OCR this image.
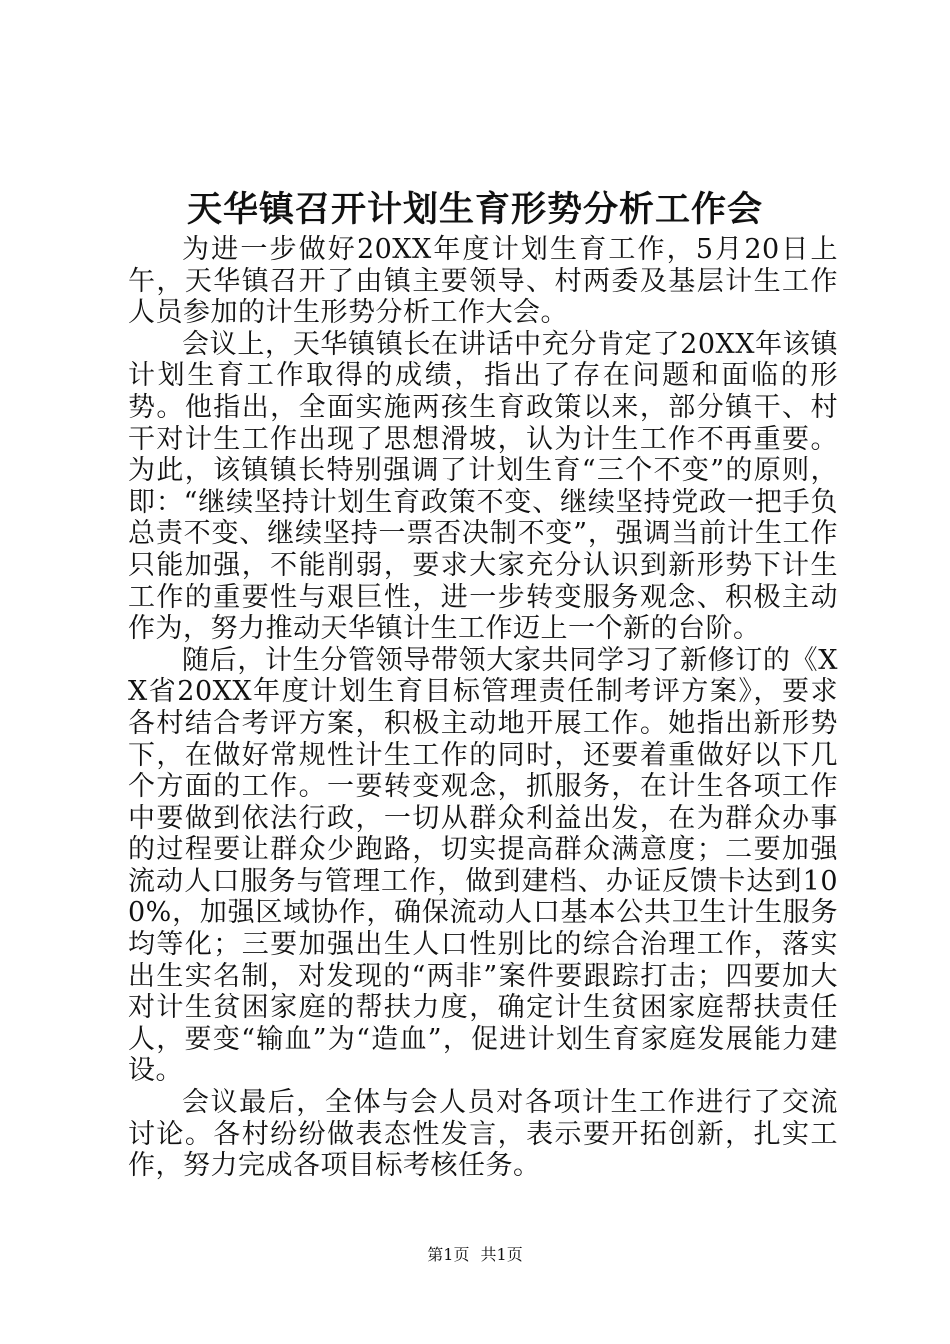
天华镇召开计划生育形势分析工作会

为进一步做好20XX年度计划生育工作，5月20日上午，天华镇召开了由镇主要领导、村两委及基层计生工作人员参加的计生形势分析工作大会。

会议上，天华镇镇长在讲话中充分肯定了20XX年该镇计划生育工作取得的成绩，指出了存在问题和面临的形势。他指出，全面实施两孩生育政策以来，部分镇干、村干对计生工作出现了思想滑坡，认为计生工作不再重要。为此，该镇镇长特别强调了计划生育“三个不变”的原则，即：“继续坚持计划生育政策不变、继续坚持党政一把手负总责不变、继续坚持一票否决制不变”，强调当前计生工作只能加强，不能削弱，要求大家充分认识到新形势下计生工作的重要性与艰巨性，进一步转变服务观念、积极主动作为，努力推动天华镇计生工作迈上一个新的台阶。

随后，计生分管领导带领大家共同学习了新修订的《XX省20XX年度计划生育目标管理责任制考评方案》，要求各村结合考评方案，积极主动地开展工作。她指出新形势下，在做好常规性计生工作的同时，还要着重做好以下几个方面的工作。一要转变观念，抓服务，在计生各项工作中要做到依法行政，一切从群众利益出发，在为群众办事的过程要让群众少跑路，切实提高群众满意度；二要加强流动人口服务与管理工作，做到建档、办证反馈卡达到100%，加强区域协作，确保流动人口基本公共卫生计生服务均等化；三要加强出生人口性别比的综合治理工作，落实出生实名制，对发现的“两非”案件要跟踪打击；四要加大对计生贫困家庭的帮扶力度，确定计生贫困家庭帮扶责任人，要变“输血”为“造血”，促进计划生育家庭发展能力建设。

会议最后，全体与会人员对各项计生工作进行了交流讨论。各村纷纷做表态性发言，表示要开拓创新，扎实工作，努力完成各项目标考核任务。

第1页 共1页
